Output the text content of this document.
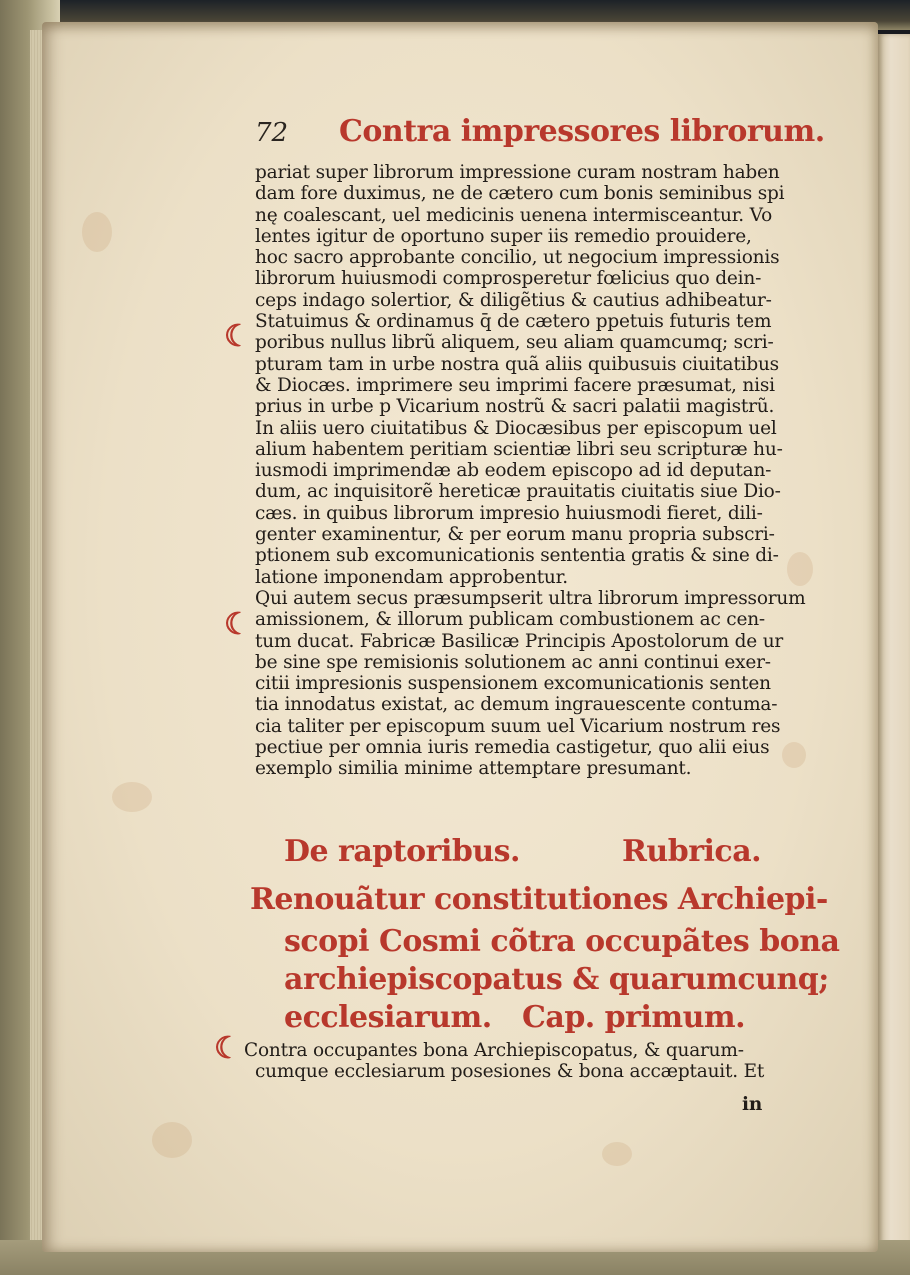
72 Contra impressores librorum.
pariat super librorum impressione curam nostram haben
dam fore duximus, ne de cætero cum bonis seminibus spi
nę coalescant, uel medicinis uenena intermisceantur. Vo
lentes igitur de oportuno super iis remedio prouidere,
hoc sacro approbante concilio, ut negocium impressionis
librorum huiusmodi comprosperetur fœlicius quo dein-
ceps indago solertior, & diligẽtius & cautius adhibeatur-
Statuimus & ordinamus q̄ de cætero ppetuis futuris tem
poribus nullus librũ aliquem, seu aliam quamcumq; scri-
pturam tam in urbe nostra quã aliis quibusuis ciuitatibus
& Diocæs. imprimere seu imprimi facere præsumat, nisi
prius in urbe p Vicarium nostrũ & sacri palatii magistrũ.
In aliis uero ciuitatibus & Diocæsibus per episcopum uel
alium habentem peritiam scientiæ libri seu scripturæ hu-
iusmodi imprimendæ ab eodem episcopo ad id deputan-
dum, ac inquisitorẽ hereticæ prauitatis ciuitatis siue Dio-
cæs. in quibus librorum impresio huiusmodi fieret, dili-
genter examinentur, & per eorum manu propria subscri-
ptionem sub excomunicationis sententia gratis & sine di-
latione imponendam approbentur.
Qui autem secus præsumpserit ultra librorum impressorum
amissionem, & illorum publicam combustionem ac cen-
tum ducat. Fabricæ Basilicæ Principis Apostolorum de ur
be sine spe remisionis solutionem ac anni continui exer-
citii impresionis suspensionem excomunicationis senten
tia innodatus existat, ac demum ingrauescente contuma-
cia taliter per episcopum suum uel Vicarium nostrum res
pectiue per omnia iuris remedia castigetur, quo alii eius
exemplo similia minime attemptare presumant.
☾
☾
☾
De raptoribus.	Rubrica.
Renouãtur constitutiones Archiepi-
scopi Cosmi cõtra occupãtes bona
archiepiscopatus & quarumcunq;
ecclesiarum. Cap. primum.
Contra occupantes bona Archiepiscopatus, & quarum-
cumque ecclesiarum posesiones & bona accæptauit. Et
in
